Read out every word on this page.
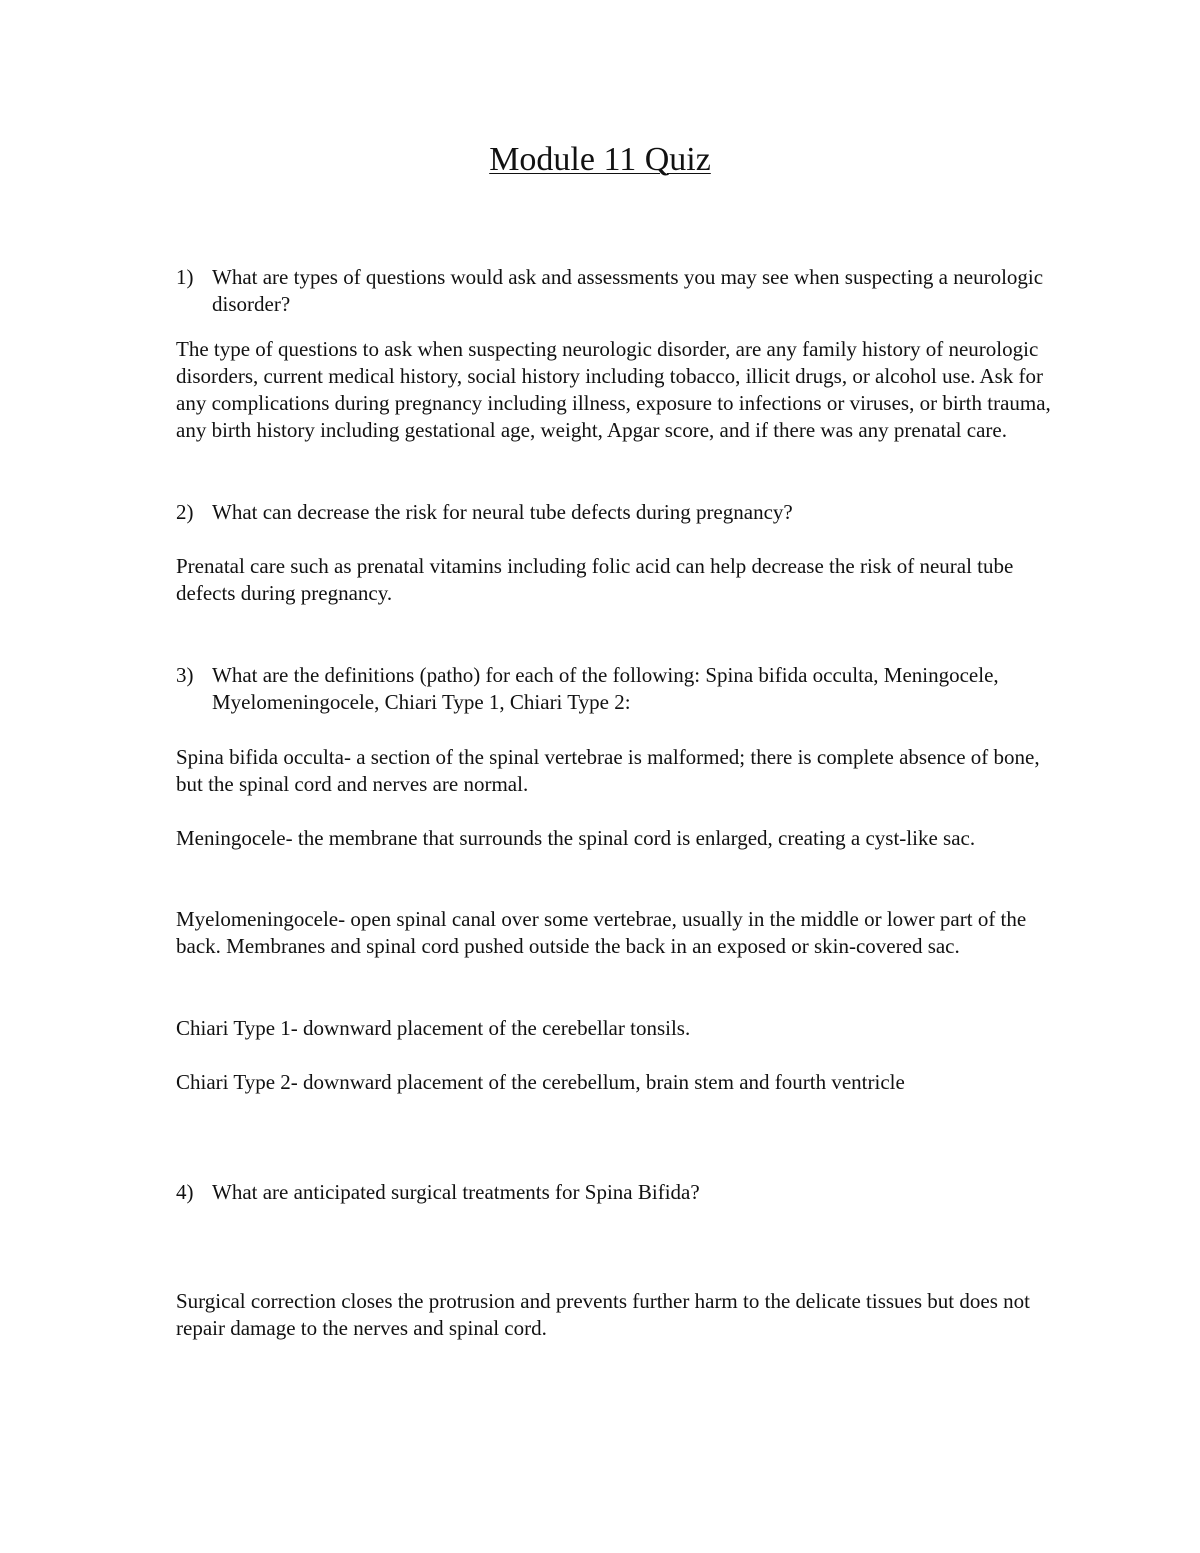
Module 11 Quiz
1) What are types of questions would ask and assessments you may see when suspecting a neurologic disorder?
The type of questions to ask when suspecting neurologic disorder, are any family history of neurologic disorders, current medical history, social history including tobacco, illicit drugs, or alcohol use. Ask for any complications during pregnancy including illness, exposure to infections or viruses, or birth trauma, any birth history including gestational age, weight, Apgar score, and if there was any prenatal care.
2) What can decrease the risk for neural tube defects during pregnancy?
Prenatal care such as prenatal vitamins including folic acid can help decrease the risk of neural tube defects during pregnancy.
3) What are the definitions (patho) for each of the following: Spina bifida occulta, Meningocele, Myelomeningocele, Chiari Type 1, Chiari Type 2:
Spina bifida occulta- a section of the spinal vertebrae is malformed; there is complete absence of bone, but the spinal cord and nerves are normal.
Meningocele- the membrane that surrounds the spinal cord is enlarged, creating a cyst-like sac.
Myelomeningocele- open spinal canal over some vertebrae, usually in the middle or lower part of the back. Membranes and spinal cord pushed outside the back in an exposed or skin-covered sac.
Chiari Type 1- downward placement of the cerebellar tonsils.
Chiari Type 2- downward placement of the cerebellum, brain stem and fourth ventricle
4) What are anticipated surgical treatments for Spina Bifida?
Surgical correction closes the protrusion and prevents further harm to the delicate tissues but does not repair damage to the nerves and spinal cord.
